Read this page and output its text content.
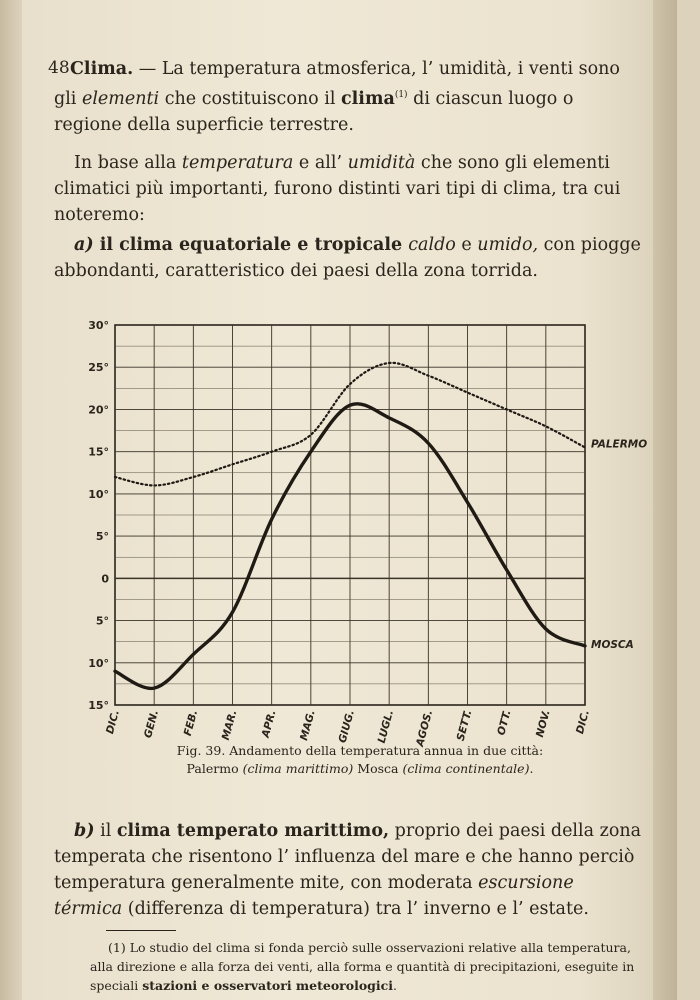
48 Clima. — La temperatura atmosferica, l’ umidità, i venti sono gli elementi che costituiscono il clima$^{(1)}$ di ciascun luogo o regione della superficie terrestre.

In base alla temperatura e all’ umidità che sono gli elementi climatici più importanti, furono distinti vari tipi di clima, tra cui noteremo:

a) il clima equatoriale e tropicale caldo e umido, con piogge abbondanti, caratteristico dei paesi della zona torrida.

30°
25°
20°
15°
10°
5°
0
5°
10°
15°
DIC. GEN. FEB. MAR. APR. MAG. GIUG. LUGL. AGOS. SETT. OTT. NOV. DIC.
PALERMO
MOSCA
Fig. 39. Andamento della temperatura annua in due città:
Palermo (clima marittimo) Mosca (clima continentale).

b) il clima temperato marittimo, proprio dei paesi della zona temperata che risentono l’ influenza del mare e che hanno perciò temperatura generalmente mite, con moderata escursione térmica (differenza di temperatura) tra l’ inverno e l’ estate.

(1) Lo studio del clima si fonda perciò sulle osservazioni relative alla temperatura, alla direzione e alla forza dei venti, alla forma e quantità di precipitazioni, eseguite in speciali stazioni e osservatori meteorologici.
